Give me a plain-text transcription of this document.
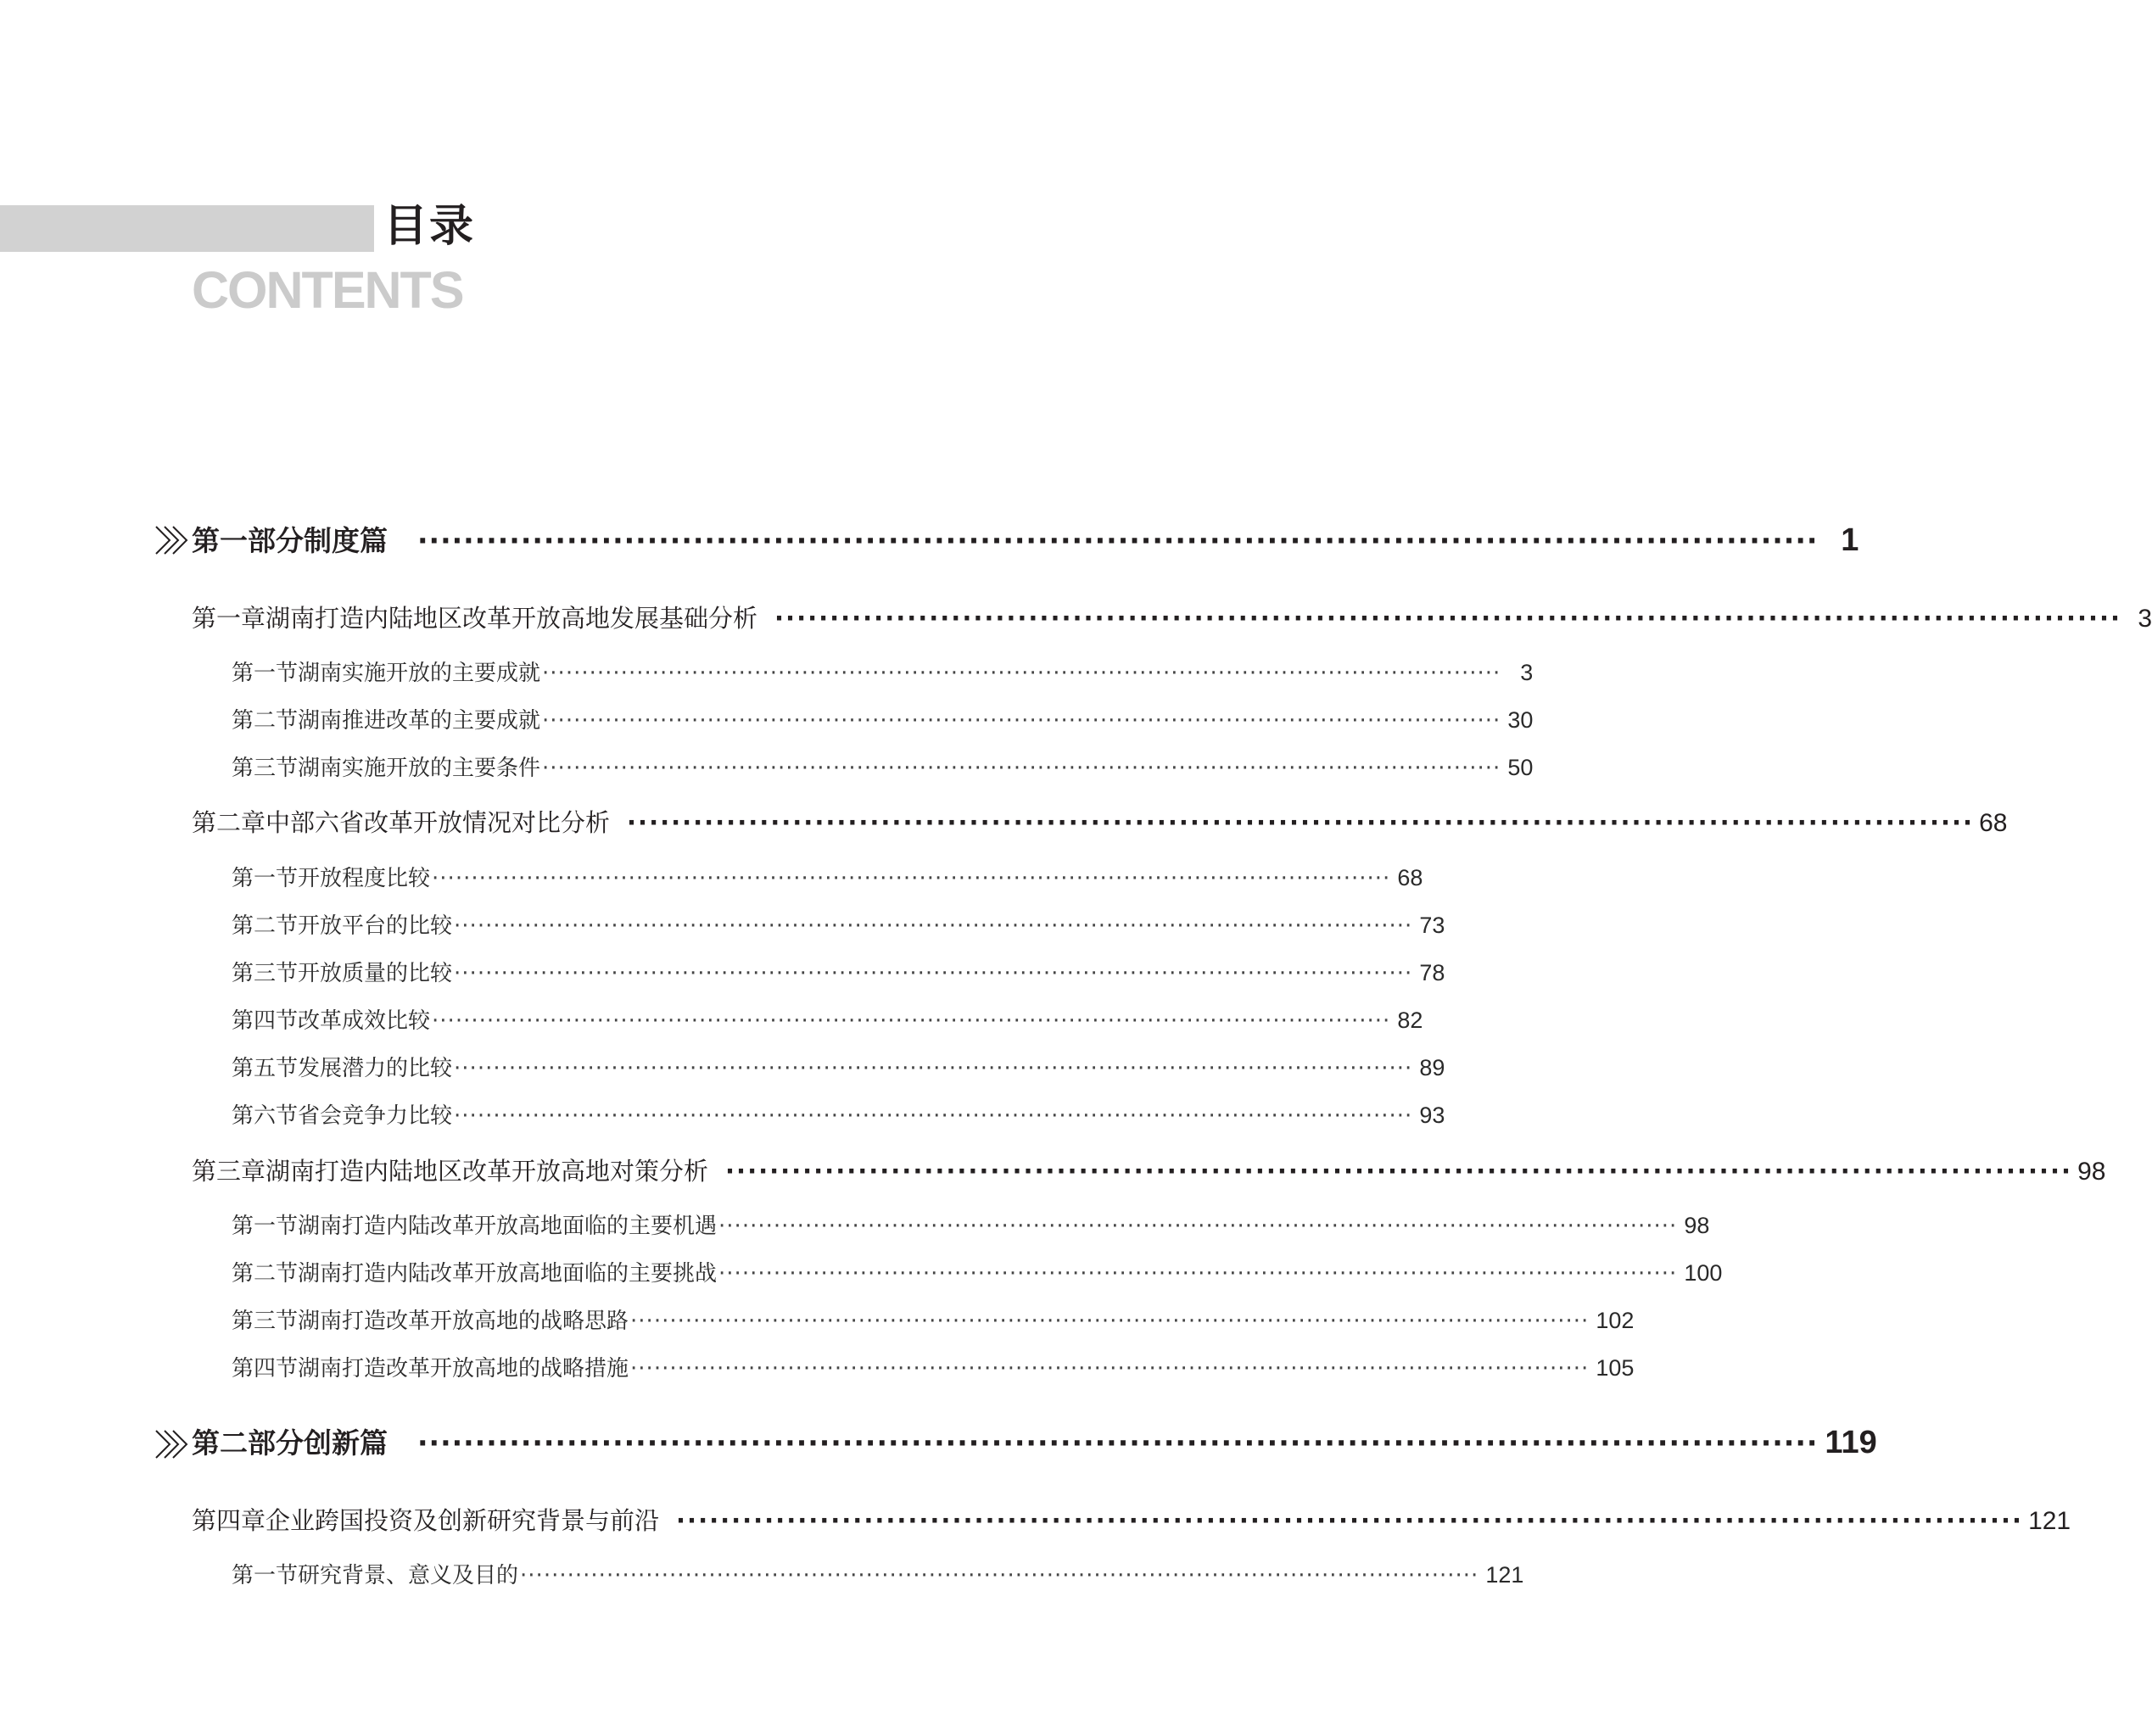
目录
CONTENTS
第一部分 制度篇 ·························································································································· 1
第一章 湖南打造内陆地区改革开放高地发展基础分析 ·························································································································· 3
第一节 湖南实施开放的主要成就 ·························································································································· 3
第二节 湖南推进改革的主要成就 ·························································································································· 30
第三节 湖南实施开放的主要条件 ·························································································································· 50
第二章 中部六省改革开放情况对比分析 ·························································································································· 68
第一节 开放程度比较 ·························································································································· 68
第二节 开放平台的比较 ·························································································································· 73
第三节 开放质量的比较 ·························································································································· 78
第四节 改革成效比较 ·························································································································· 82
第五节 发展潜力的比较 ·························································································································· 89
第六节 省会竞争力比较 ·························································································································· 93
第三章 湖南打造内陆地区改革开放高地对策分析 ·························································································································· 98
第一节 湖南打造内陆改革开放高地面临的主要机遇 ·························································································································· 98
第二节 湖南打造内陆改革开放高地面临的主要挑战 ·························································································································· 100
第三节 湖南打造改革开放高地的战略思路 ·························································································································· 102
第四节 湖南打造改革开放高地的战略措施 ·························································································································· 105
第二部分 创新篇 ·························································································································· 119
第四章 企业跨国投资及创新研究背景与前沿 ·························································································································· 121
第一节 研究背景、意义及目的 ·························································································································· 121
